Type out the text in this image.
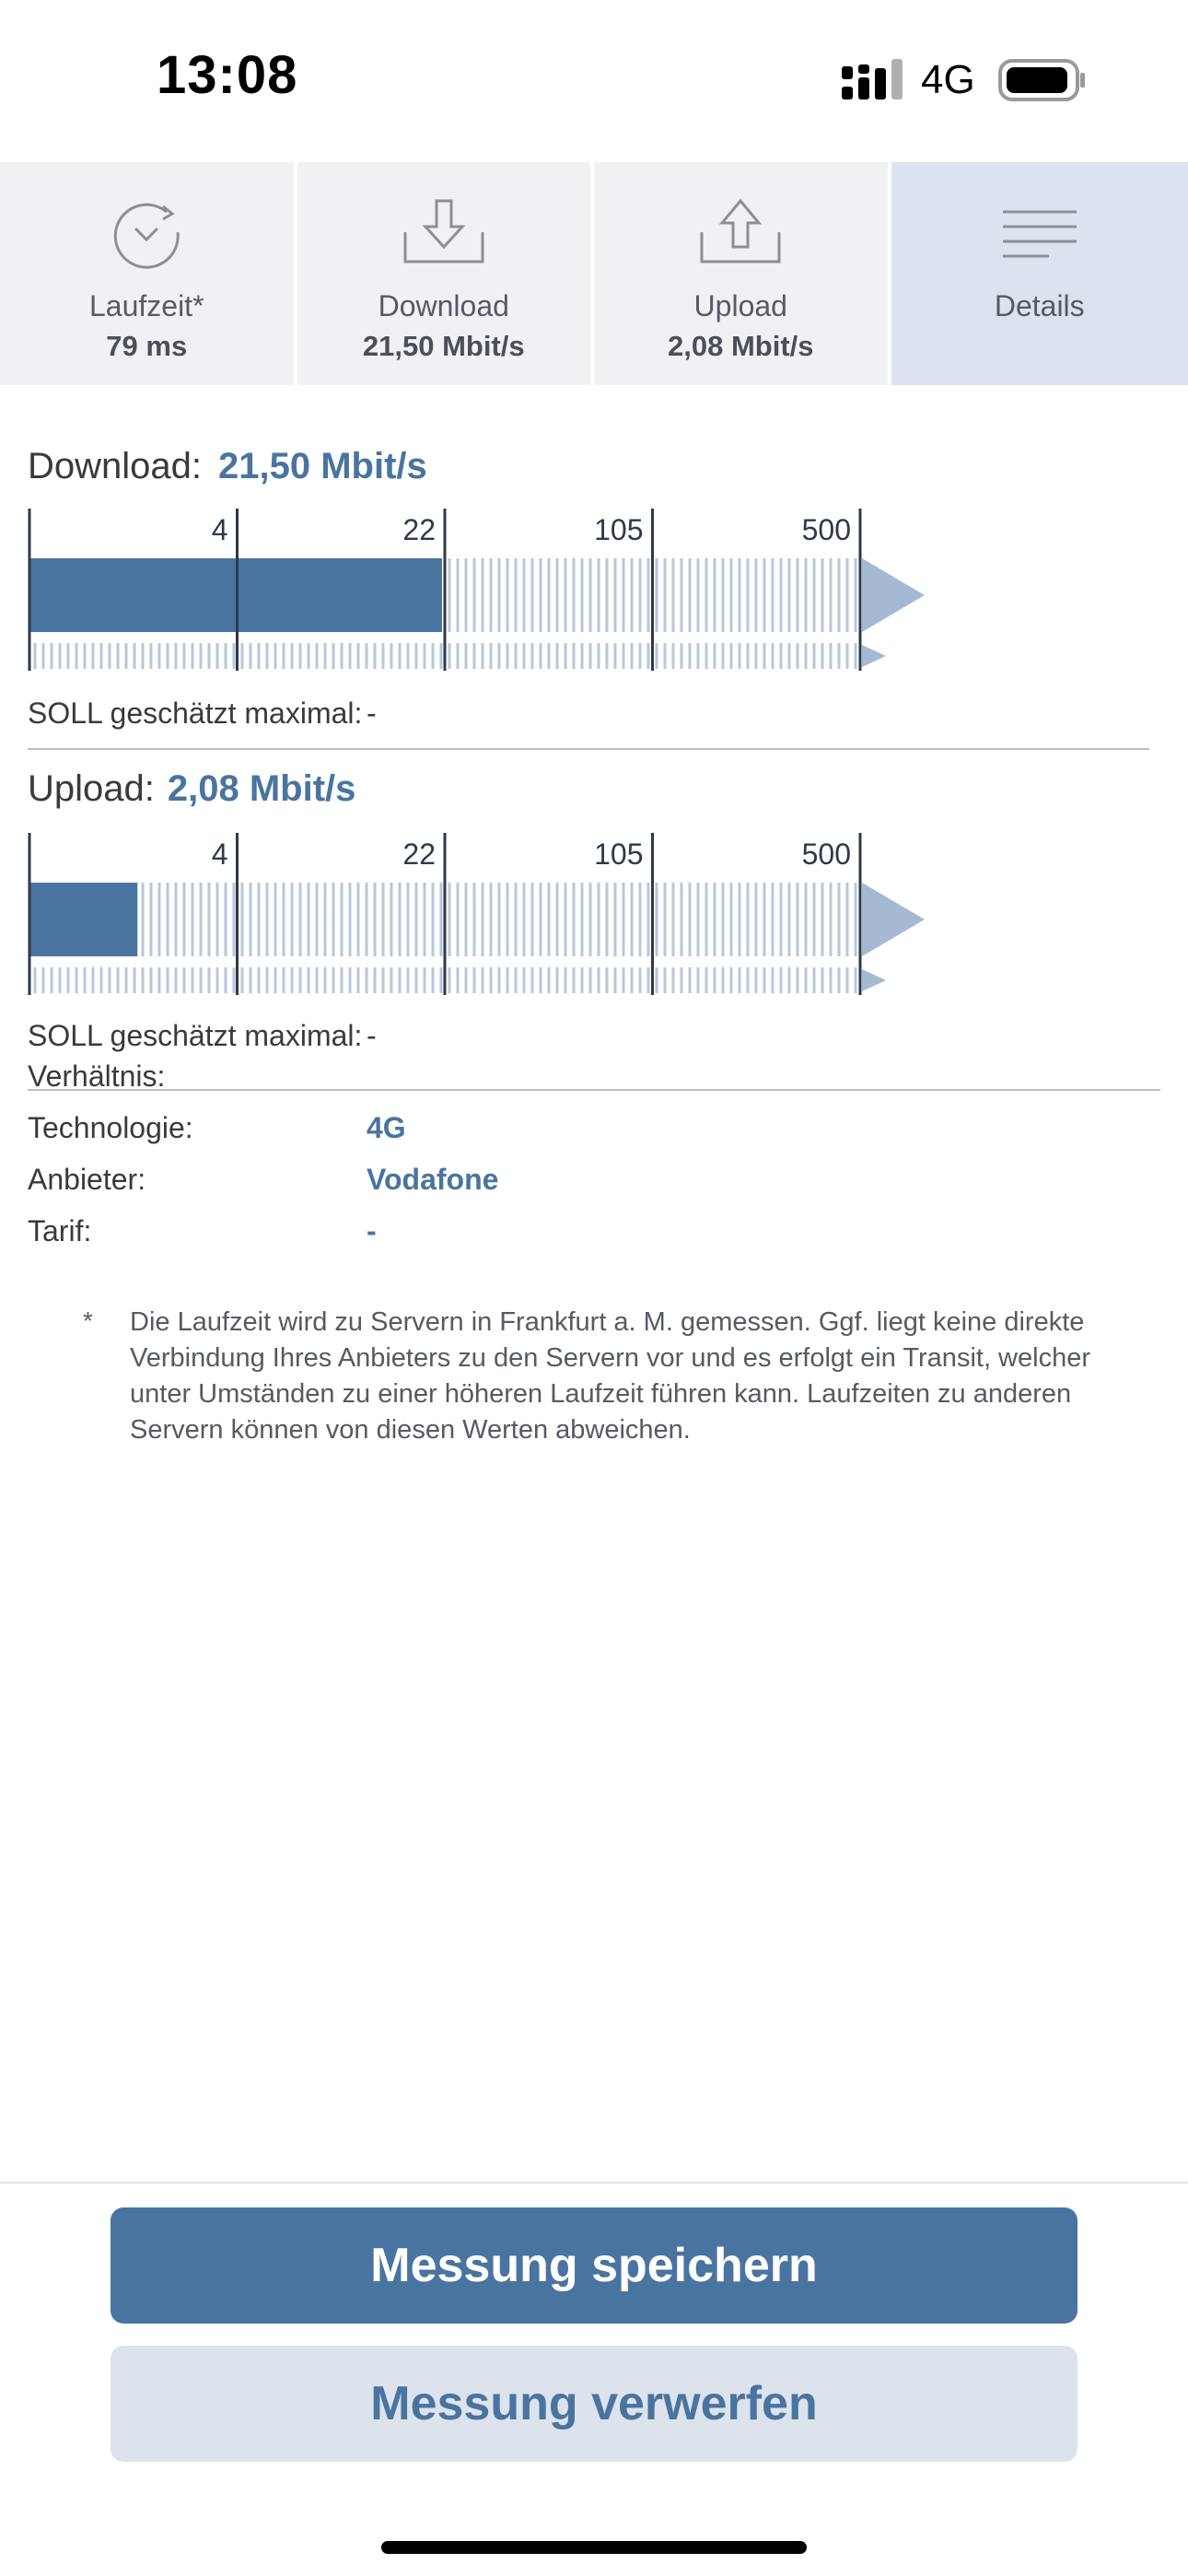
13:08	4G
Laufzeit*
79 ms
Download
21,50 Mbit/s
Upload
2,08 Mbit/s
Details
Download: 21,50 Mbit/s
4	22	105	500
SOLL geschätzt maximal: -
Upload: 2,08 Mbit/s
4	22	105	500
SOLL geschätzt maximal: -
Verhältnis:
Technologie:	4G
Anbieter:	Vodafone
Tarif:	-
* Die Laufzeit wird zu Servern in Frankfurt a. M. gemessen. Ggf. liegt keine direkte Verbindung Ihres Anbieters zu den Servern vor und es erfolgt ein Transit, welcher unter Umständen zu einer höheren Laufzeit führen kann. Laufzeiten zu anderen Servern können von diesen Werten abweichen.
Messung speichern
Messung verwerfen
